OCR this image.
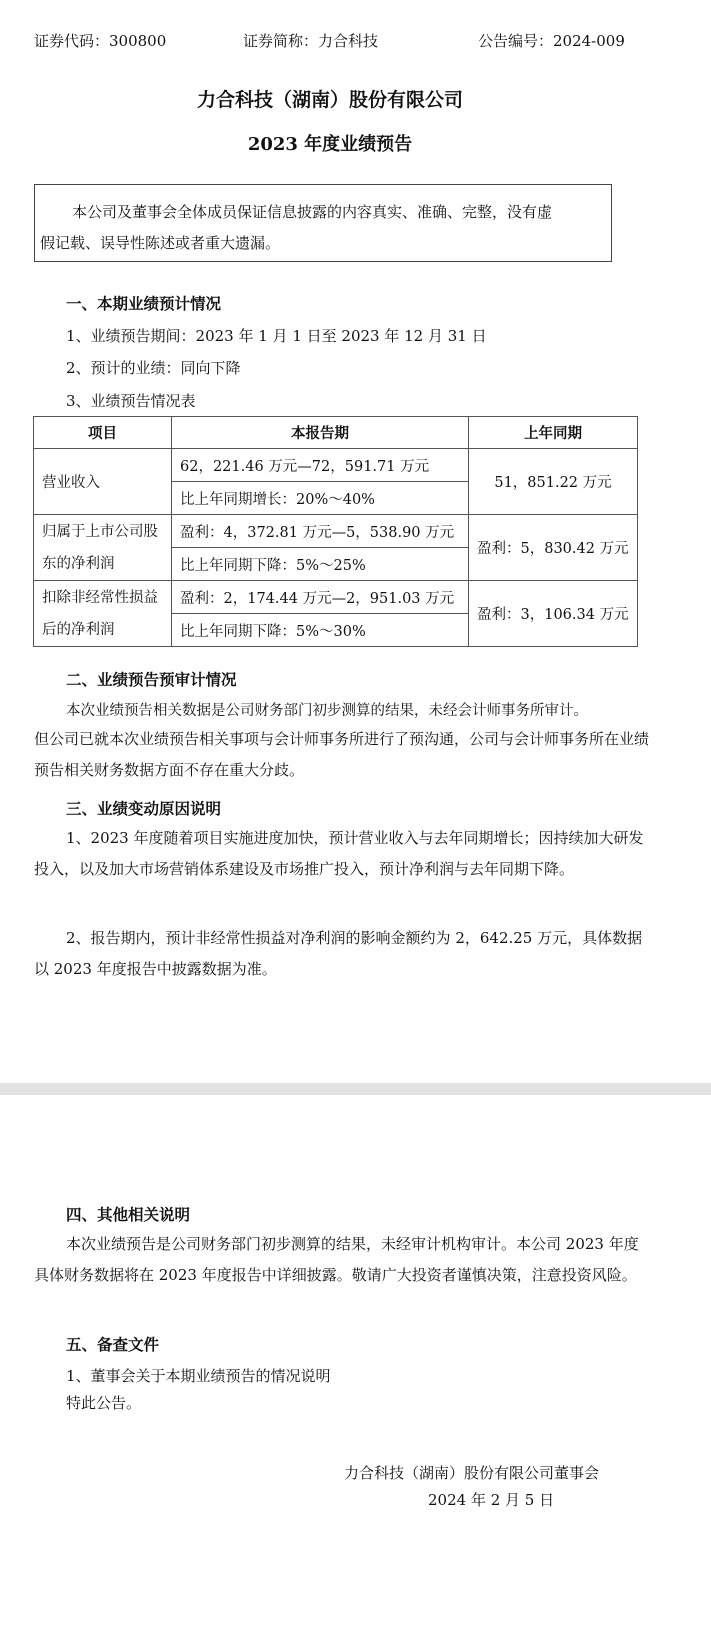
证券代码：300800	证券简称：力合科技	公告编号：2024-009
力合科技（湖南）股份有限公司
2023 年度业绩预告
本公司及董事会全体成员保证信息披露的内容真实、准确、完整，没有虚
假记载、误导性陈述或者重大遗漏。
一、本期业绩预计情况
1、业绩预告期间：2023 年 1 月 1 日至 2023 年 12 月 31 日
2、预计的业绩：同向下降
3、业绩预告情况表
项目	本报告期	上年同期
营业收入	62，221.46 万元—72，591.71 万元	51，851.22 万元
	比上年同期增长：20%～40%	
归属于上市公司股东的净利润	盈利：4，372.81 万元—5，538.90 万元	盈利：5，830.42 万元
	比上年同期下降：5%～25%	
扣除非经常性损益后的净利润	盈利：2，174.44 万元—2，951.03 万元	盈利：3，106.34 万元
	比上年同期下降：5%～30%	
二、业绩预告预审计情况
本次业绩预告相关数据是公司财务部门初步测算的结果，未经会计师事务所审计。
但公司已就本次业绩预告相关事项与会计师事务所进行了预沟通，公司与会计师事务所在业绩预告相关财务数据方面不存在重大分歧。
三、业绩变动原因说明
1、2023 年度随着项目实施进度加快，预计营业收入与去年同期增长；因持续加大研发投入，以及加大市场营销体系建设及市场推广投入，预计净利润与去年同期下降。
2、报告期内，预计非经常性损益对净利润的影响金额约为 2，642.25 万元，具体数据以 2023 年度报告中披露数据为准。
四、其他相关说明
本次业绩预告是公司财务部门初步测算的结果，未经审计机构审计。本公司 2023 年度具体财务数据将在 2023 年度报告中详细披露。敬请广大投资者谨慎决策，注意投资风险。
五、备查文件
1、董事会关于本期业绩预告的情况说明
特此公告。
力合科技（湖南）股份有限公司董事会
2024 年 2 月 5 日
